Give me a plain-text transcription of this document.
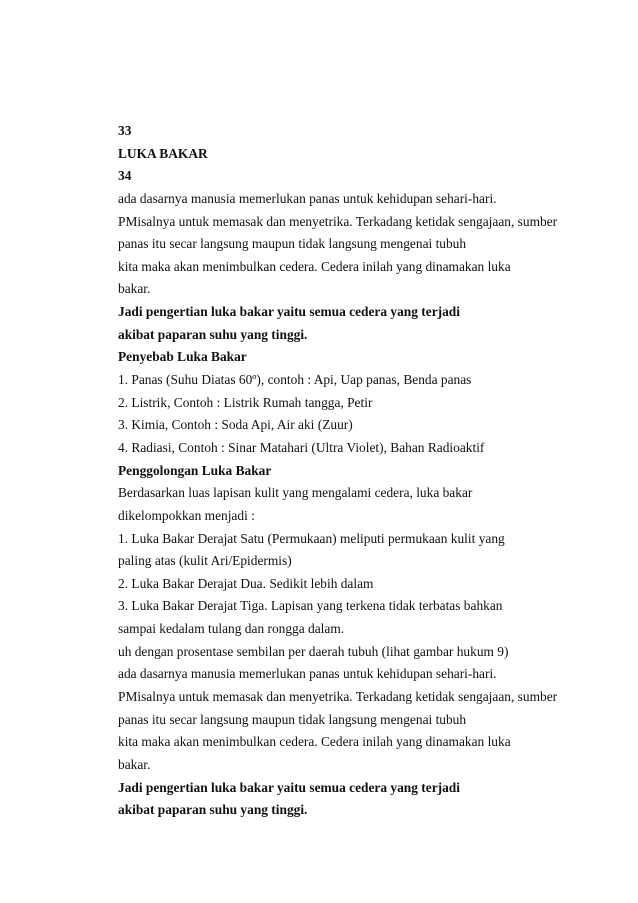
33
LUKA BAKAR
34
ada dasarnya manusia memerlukan panas untuk kehidupan sehari-hari.
PMisalnya untuk memasak dan menyetrika. Terkadang ketidak sengajaan, sumber
panas itu secar langsung maupun tidak langsung mengenai tubuh
kita maka akan menimbulkan cedera. Cedera inilah yang dinamakan luka
bakar.
Jadi pengertian luka bakar yaitu semua cedera yang terjadi
akibat paparan suhu yang tinggi.
Penyebab Luka Bakar
1. Panas (Suhu Diatas 60º), contoh : Api, Uap panas, Benda panas
2. Listrik, Contoh : Listrik Rumah tangga, Petir
3. Kimia, Contoh : Soda Api, Air aki (Zuur)
4. Radiasi, Contoh : Sinar Matahari (Ultra Violet), Bahan Radioaktif
Penggolongan Luka Bakar
Berdasarkan luas lapisan kulit yang mengalami cedera, luka bakar
dikelompokkan menjadi :
1. Luka Bakar Derajat Satu (Permukaan) meliputi permukaan kulit yang
paling atas (kulit Ari/Epidermis)
2. Luka Bakar Derajat Dua. Sedikit lebih dalam
3. Luka Bakar Derajat Tiga. Lapisan yang terkena tidak terbatas bahkan
sampai kedalam tulang dan rongga dalam.
uh dengan prosentase sembilan per daerah tubuh (lihat gambar hukum 9)
ada dasarnya manusia memerlukan panas untuk kehidupan sehari-hari.
PMisalnya untuk memasak dan menyetrika. Terkadang ketidak sengajaan, sumber
panas itu secar langsung maupun tidak langsung mengenai tubuh
kita maka akan menimbulkan cedera. Cedera inilah yang dinamakan luka
bakar.
Jadi pengertian luka bakar yaitu semua cedera yang terjadi
akibat paparan suhu yang tinggi.
